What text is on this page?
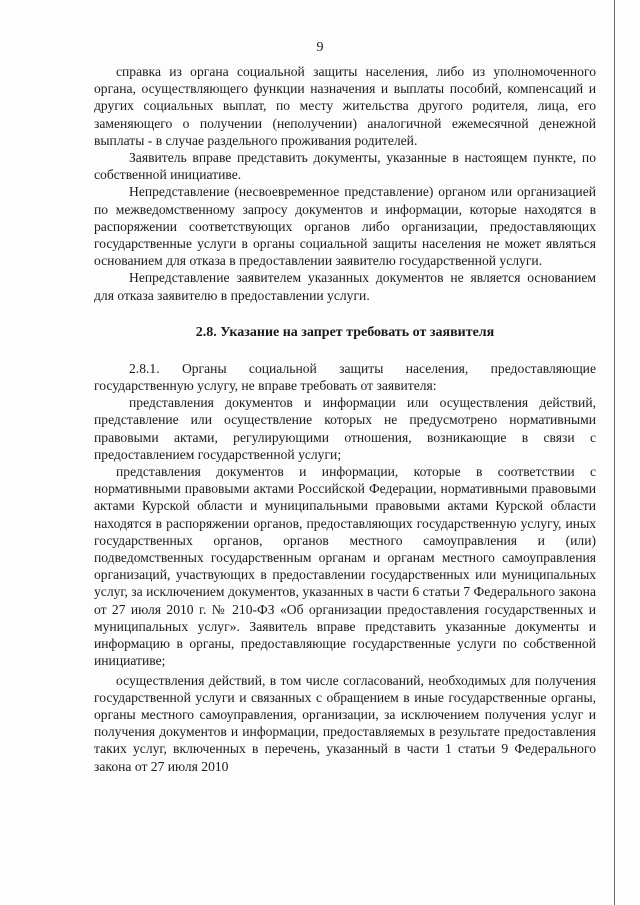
9

справка из органа социальной защиты населения, либо из уполномоченного органа, осуществляющего функции назначения и выплаты пособий, компенсаций и других социальных выплат, по месту жительства другого родителя, лица, его заменяющего о получении (неполучении) аналогичной ежемесячной денежной выплаты - в случае раздельного проживания родителей.

Заявитель вправе представить документы, указанные в настоящем пункте, по собственной инициативе.

Непредставление (несвоевременное представление) органом или организацией по межведомственному запросу документов и информации, которые находятся в распоряжении соответствующих органов либо организации, предоставляющих государственные услуги в органы социальной защиты населения не может являться основанием для отказа в предоставлении заявителю государственной услуги.

Непредставление заявителем указанных документов не является основанием для отказа заявителю в предоставлении услуги.

2.8. Указание на запрет требовать от заявителя

2.8.1. Органы социальной защиты населения, предоставляющие государственную услугу, не вправе требовать от заявителя:

представления документов и информации или осуществления действий, представление или осуществление которых не предусмотрено нормативными правовыми актами, регулирующими отношения, возникающие в связи с предоставлением государственной услуги;

представления документов и информации, которые в соответствии с нормативными правовыми актами Российской Федерации, нормативными правовыми актами Курской области и муниципальными правовыми актами Курской области находятся в распоряжении органов, предоставляющих государственную услугу, иных государственных органов, органов местного самоуправления и (или) подведомственных государственным органам и органам местного самоуправления организаций, участвующих в предоставлении государственных или муниципальных услуг, за исключением документов, указанных в части 6 статьи 7 Федерального закона от 27 июля 2010 г. № 210-ФЗ «Об организации предоставления государственных и муниципальных услуг». Заявитель вправе представить указанные документы и информацию в органы, предоставляющие государственные услуги по собственной инициативе;

осуществления действий, в том числе согласований, необходимых для получения государственной услуги и связанных с обращением в иные государственные органы, органы местного самоуправления, организации, за исключением получения услуг и получения документов и информации, предоставляемых в результате предоставления таких услуг, включенных в перечень, указанный в части 1 статьи 9 Федерального закона от 27 июля 2010
